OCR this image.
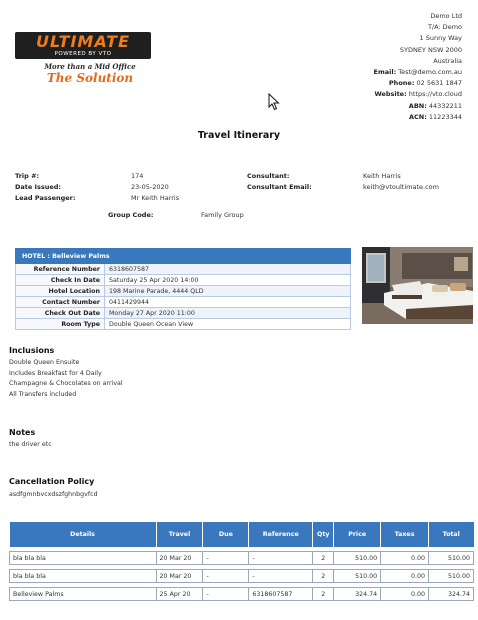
ULTIMATE
POWERED BY VTO
More than a Mid Office
The Solution
Demo Ltd
T/A: Demo
1 Sunny Way
SYDNEY NSW 2000
Australia
Email: Test@demo.com.au
Phone: 02 5631 1847
Website: https://vto.cloud
ABN: 44332211
ACN: 11223344
Travel Itinerary
Trip #:	174
Date Issued:	23-05-2020
Lead Passenger:	Mr Keith Harris
Consultant:	Keith Harris
Consultant Email:	keith@vtoultimate.com
Group Code:	Family Group
HOTEL : Belleview Palms	
Reference Number	6318607587
Check In Date	Saturday 25 Apr 2020 14:00
Hotel Location	198 Marine Parade, 4444 QLD
Contact Number	0411429944
Check Out Date	Monday 27 Apr 2020 11:00
Room Type	Double Queen Ocean View
Inclusions
Double Queen Ensuite
Includes Breakfast for 4 Daily
Champagne & Chocolates on arrival
All Transfers included
Notes
the driver etc
Cancellation Policy
asdfgmnbvcxdszfghnbgvfcd
Details	Travel	Due	Reference	Qty	Price	Taxes	Total

bla bla bla	20 Mar 20	-	-	2	510.00	0.00	510.00

bla bla bla	20 Mar 20	-	-	2	510.00	0.00	510.00

Belleview Palms	25 Apr 20	-	6318607587	2	324.74	0.00	324.74
